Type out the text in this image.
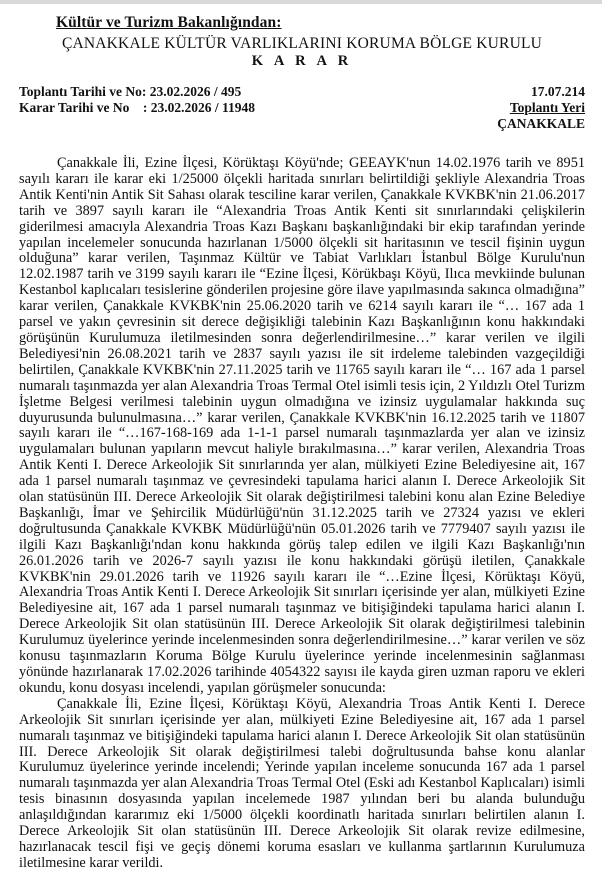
Kültür ve Turizm Bakanlığından:
ÇANAKKALE KÜLTÜR VARLIKLARINI KORUMA BÖLGE KURULU
K A R A R
Toplantı Tarihi ve No: 23.02.2026 / 495
Karar Tarihi ve No    : 23.02.2026 / 11948
17.07.214
Toplantı Yeri
ÇANAKKALE

Çanakkale İli, Ezine İlçesi, Körüktaşı Köyü'nde; GEEAYK'nun 14.02.1976 tarih ve 8951 sayılı kararı ile karar eki 1/25000 ölçekli haritada sınırları belirtildiği şekliyle Alexandria Troas Antik Kenti'nin Antik Sit Sahası olarak tesciline karar verilen, Çanakkale KVKBK'nin 21.06.2017 tarih ve 3897 sayılı kararı ile “Alexandria Troas Antik Kenti sit sınırlarındaki çelişkilerin giderilmesi amacıyla Alexandria Troas Kazı Başkanı başkanlığındaki bir ekip tarafından yerinde yapılan incelemeler sonucunda hazırlanan 1/5000 ölçekli sit haritasının ve tescil fişinin uygun olduğuna” karar verilen, Taşınmaz Kültür ve Tabiat Varlıkları İstanbul Bölge Kurulu'nun 12.02.1987 tarih ve 3199 sayılı kararı ile “Ezine İlçesi, Körükbaşı Köyü, Ilıca mevkiinde bulunan Kestanbol kaplıcaları tesislerine gönderilen projesine göre ilave yapılmasında sakınca olmadığına” karar verilen, Çanakkale KVKBK'nin 25.06.2020 tarih ve 6214 sayılı kararı ile “… 167 ada 1 parsel ve yakın çevresinin sit derece değişikliği talebinin Kazı Başkanlığının konu hakkındaki görüşünün Kurulumuza iletilmesinden sonra değerlendirilmesine…” karar verilen ve ilgili Belediyesi'nin 26.08.2021 tarih ve 2837 sayılı yazısı ile sit irdeleme talebinden vazgeçildiği belirtilen, Çanakkale KVKBK'nin 27.11.2025 tarih ve 11765 sayılı kararı ile “… 167 ada 1 parsel numaralı taşınmazda yer alan Alexandria Troas Termal Otel isimli tesis için, 2 Yıldızlı Otel Turizm İşletme Belgesi verilmesi talebinin uygun olmadığına ve izinsiz uygulamalar hakkında suç duyurusunda bulunulmasına…” karar verilen, Çanakkale KVKBK'nin 16.12.2025 tarih ve 11807 sayılı kararı ile “…167-168-169 ada 1-1-1 parsel numaralı taşınmazlarda yer alan ve izinsiz uygulamaları bulunan yapıların mevcut haliyle bırakılmasına…” karar verilen, Alexandria Troas Antik Kenti I. Derece Arkeolojik Sit sınırlarında yer alan, mülkiyeti Ezine Belediyesine ait, 167 ada 1 parsel numaralı taşınmaz ve çevresindeki tapulama harici alanın I. Derece Arkeolojik Sit olan statüsünün III. Derece Arkeolojik Sit olarak değiştirilmesi talebini konu alan Ezine Belediye Başkanlığı, İmar ve Şehircilik Müdürlüğü'nün 31.12.2025 tarih ve 27324 yazısı ve ekleri doğrultusunda Çanakkale KVKBK Müdürlüğü'nün 05.01.2026 tarih ve 7779407 sayılı yazısı ile ilgili Kazı Başkanlığı'ndan konu hakkında görüş talep edilen ve ilgili Kazı Başkanlığı'nın 26.01.2026 tarih ve 2026-7 sayılı yazısı ile konu hakkındaki görüşü iletilen, Çanakkale KVKBK'nin 29.01.2026 tarih ve 11926 sayılı kararı ile “…Ezine İlçesi, Körüktaşı Köyü, Alexandria Troas Antik Kenti I. Derece Arkeolojik Sit sınırları içerisinde yer alan, mülkiyeti Ezine Belediyesine ait, 167 ada 1 parsel numaralı taşınmaz ve bitişiğindeki tapulama harici alanın I. Derece Arkeolojik Sit olan statüsünün III. Derece Arkeolojik Sit olarak değiştirilmesi talebinin Kurulumuz üyelerince yerinde incelenmesinden sonra değerlendirilmesine…” karar verilen ve söz konusu taşınmazların Koruma Bölge Kurulu üyelerince yerinde incelenmesinin sağlanması yönünde hazırlanarak 17.02.2026 tarihinde 4054322 sayısı ile kayda giren uzman raporu ve ekleri okundu, konu dosyası incelendi, yapılan görüşmeler sonucunda:

Çanakkale İli, Ezine İlçesi, Körüktaşı Köyü, Alexandria Troas Antik Kenti I. Derece Arkeolojik Sit sınırları içerisinde yer alan, mülkiyeti Ezine Belediyesine ait, 167 ada 1 parsel numaralı taşınmaz ve bitişiğindeki tapulama harici alanın I. Derece Arkeolojik Sit olan statüsünün III. Derece Arkeolojik Sit olarak değiştirilmesi talebi doğrultusunda bahse konu alanlar Kurulumuz üyelerince yerinde incelendi; Yerinde yapılan inceleme sonucunda 167 ada 1 parsel numaralı taşınmazda yer alan Alexandria Troas Termal Otel (Eski adı Kestanbol Kaplıcaları) isimli tesis binasının dosyasında yapılan incelemede 1987 yılından beri bu alanda bulunduğu anlaşıldığından kararımız eki 1/5000 ölçekli koordinatlı haritada sınırları belirtilen alanın I. Derece Arkeolojik Sit olan statüsünün III. Derece Arkeolojik Sit olarak revize edilmesine, hazırlanacak tescil fişi ve geçiş dönemi koruma esasları ve kullanma şartlarının Kurulumuza iletilmesine karar verildi.
